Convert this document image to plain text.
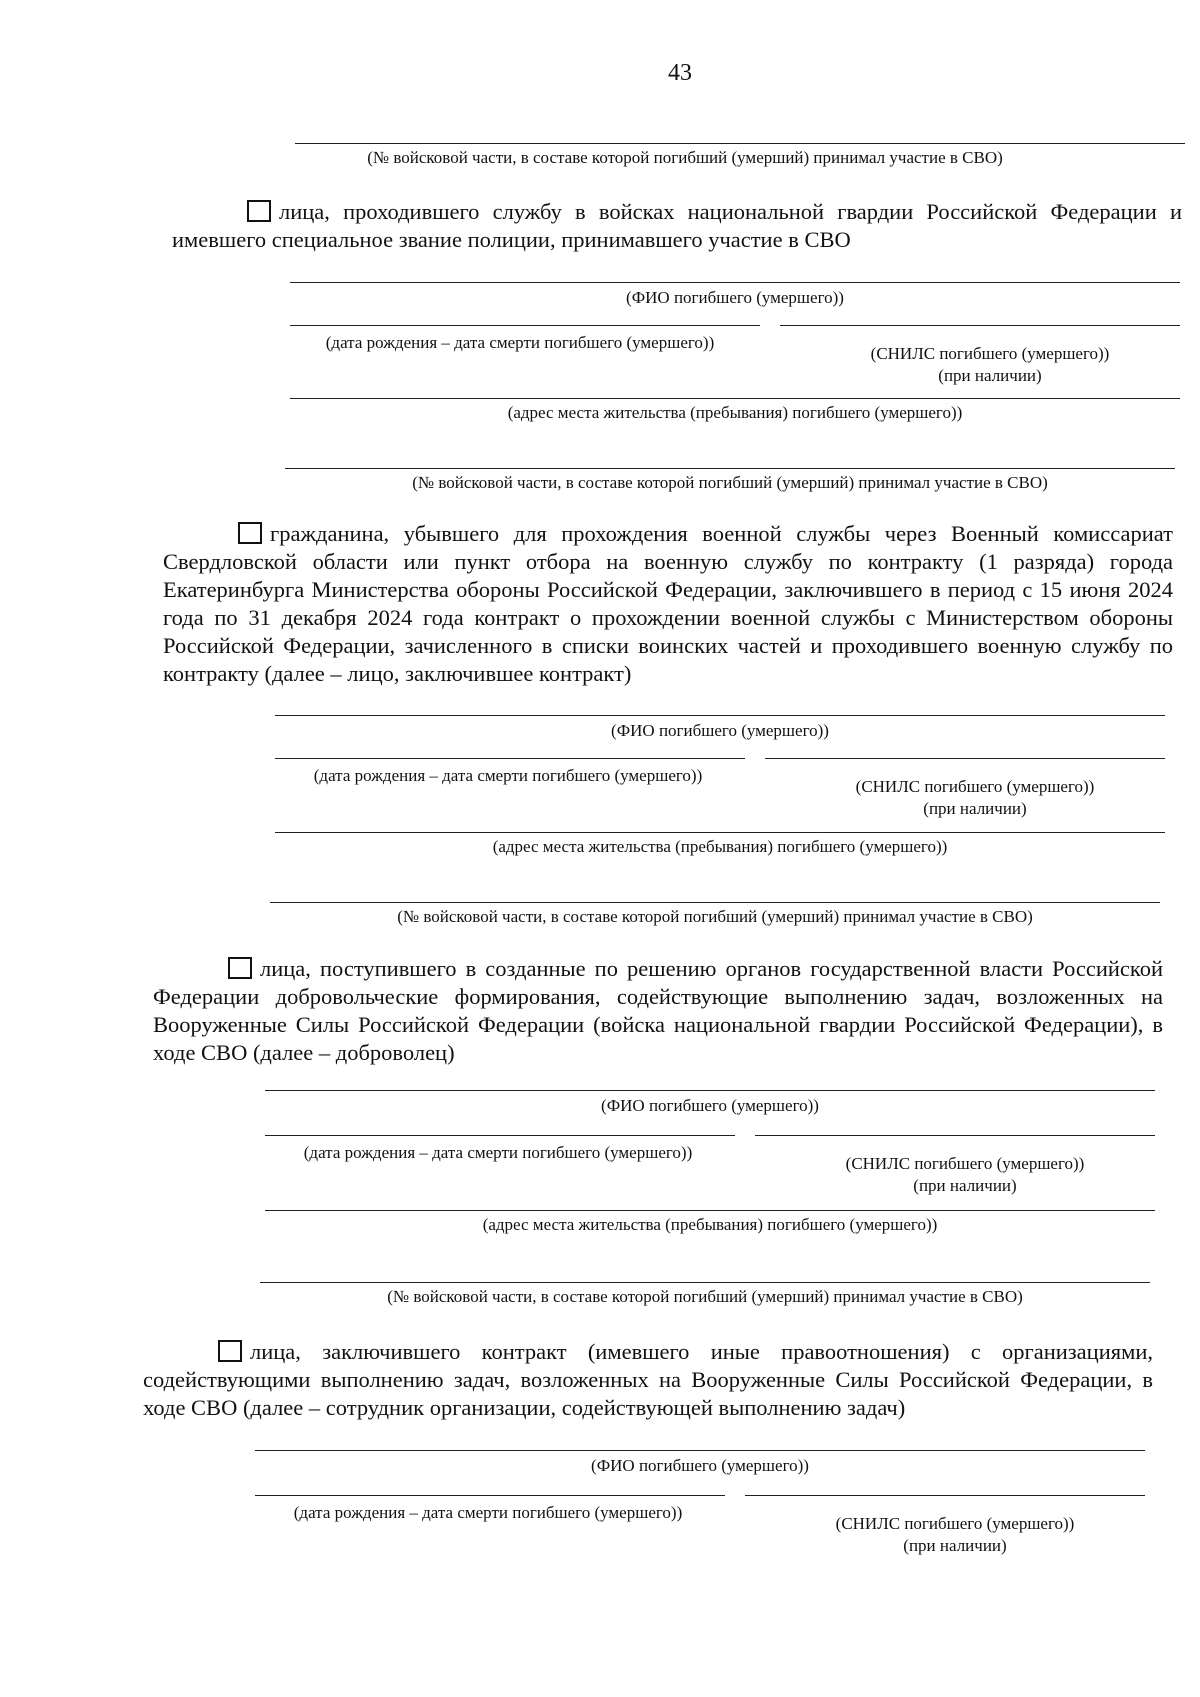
43
(№ войсковой части, в составе которой погибший (умерший) принимал участие в СВО)
лица, проходившего службу в войсках национальной гвардии Российской Федерации и имевшего специальное звание полиции, принимавшего участие в СВО
(ФИО погибшего (умершего))
(дата рождения – дата смерти погибшего (умершего))
(СНИЛС погибшего (умершего))
(при наличии)
(адрес места жительства (пребывания) погибшего (умершего))
(№ войсковой части, в составе которой погибший (умерший) принимал участие в СВО)
гражданина, убывшего для прохождения военной службы через Военный комиссариат Свердловской области или пункт отбора на военную службу по контракту (1 разряда) города Екатеринбурга Министерства обороны Российской Федерации, заключившего в период с 15 июня 2024 года по 31 декабря 2024 года контракт о прохождении военной службы с Министерством обороны Российской Федерации, зачисленного в списки воинских частей и проходившего военную службу по контракту (далее – лицо, заключившее контракт)
(ФИО погибшего (умершего))
(дата рождения – дата смерти погибшего (умершего))
(СНИЛС погибшего (умершего))
(при наличии)
(адрес места жительства (пребывания) погибшего (умершего))
(№ войсковой части, в составе которой погибший (умерший) принимал участие в СВО)
лица, поступившего в созданные по решению органов государственной власти Российской Федерации добровольческие формирования, содействующие выполнению задач, возложенных на Вооруженные Силы Российской Федерации (войска национальной гвардии Российской Федерации), в ходе СВО (далее – доброволец)
(ФИО погибшего (умершего))
(дата рождения – дата смерти погибшего (умершего))
(СНИЛС погибшего (умершего))
(при наличии)
(адрес места жительства (пребывания) погибшего (умершего))
(№ войсковой части, в составе которой погибший (умерший) принимал участие в СВО)
лица, заключившего контракт (имевшего иные правоотношения) с организациями, содействующими выполнению задач, возложенных на Вооруженные Силы Российской Федерации, в ходе СВО (далее – сотрудник организации, содействующей выполнению задач)
(ФИО погибшего (умершего))
(дата рождения – дата смерти погибшего (умершего))
(СНИЛС погибшего (умершего))
(при наличии)
